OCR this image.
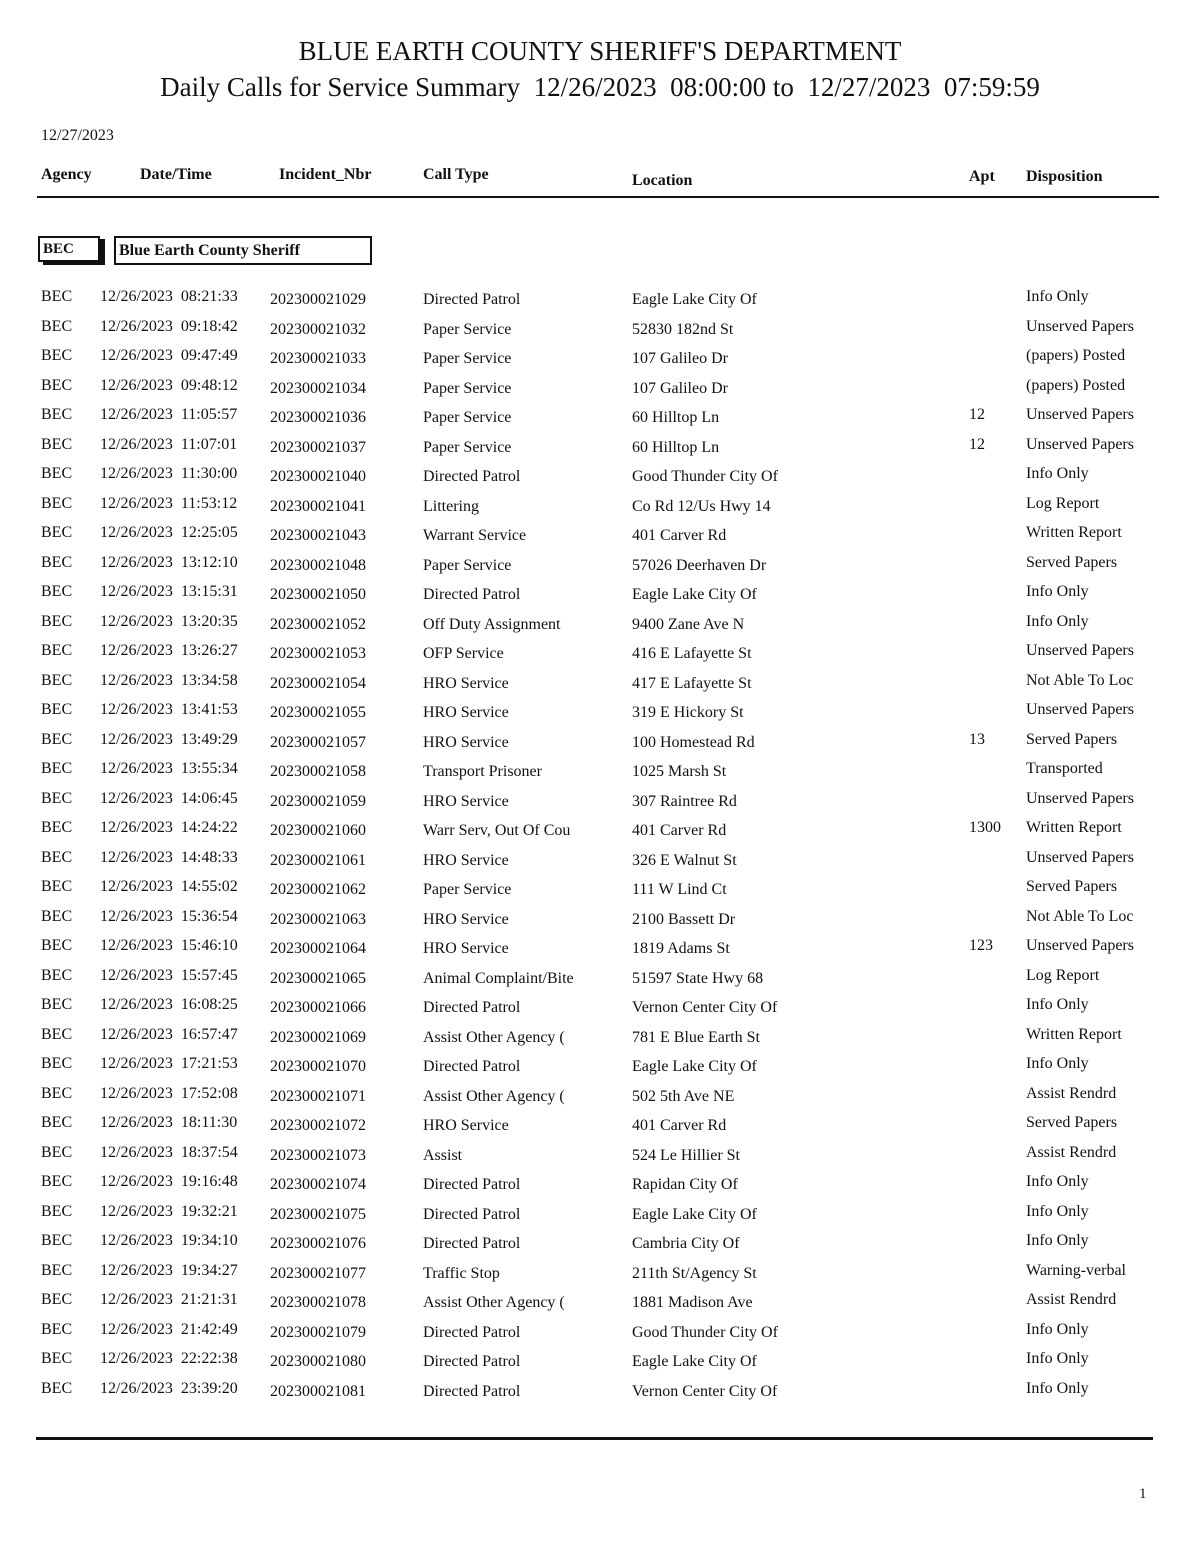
BLUE EARTH COUNTY SHERIFF'S DEPARTMENT
Daily Calls for Service Summary  12/26/2023  08:00:00 to  12/27/2023  07:59:59
12/27/2023
Agency	Date/Time	Incident_Nbr	Call Type	Location	Apt Disposition
BEC	Blue Earth County Sheriff
BEC 12/26/2023  08:21:33 202300021029	Directed Patrol	Eagle Lake City Of	Info Only
BEC 12/26/2023  09:18:42 202300021032	Paper Service	52830 182nd St	Unserved Papers
BEC 12/26/2023  09:47:49 202300021033	Paper Service	107 Galileo Dr	(papers) Posted
BEC 12/26/2023  09:48:12 202300021034	Paper Service	107 Galileo Dr	(papers) Posted
BEC 12/26/2023  11:05:57 202300021036	Paper Service	60 Hilltop Ln	12	Unserved Papers
BEC 12/26/2023  11:07:01 202300021037	Paper Service	60 Hilltop Ln	12	Unserved Papers
BEC 12/26/2023  11:30:00 202300021040	Directed Patrol	Good Thunder City Of	Info Only
BEC 12/26/2023  11:53:12 202300021041	Littering	Co Rd 12/Us Hwy 14	Log Report
BEC 12/26/2023  12:25:05 202300021043	Warrant Service	401 Carver Rd	Written Report
BEC 12/26/2023  13:12:10 202300021048	Paper Service	57026 Deerhaven Dr	Served Papers
BEC 12/26/2023  13:15:31 202300021050	Directed Patrol	Eagle Lake City Of	Info Only
BEC 12/26/2023  13:20:35 202300021052	Off Duty Assignment	9400 Zane Ave N	Info Only
BEC 12/26/2023  13:26:27 202300021053	OFP Service	416 E Lafayette St	Unserved Papers
BEC 12/26/2023  13:34:58 202300021054	HRO Service	417 E Lafayette St	Not Able To Loc
BEC 12/26/2023  13:41:53 202300021055	HRO Service	319 E Hickory St	Unserved Papers
BEC 12/26/2023  13:49:29 202300021057	HRO Service	100 Homestead Rd	13	Served Papers
BEC 12/26/2023  13:55:34 202300021058	Transport Prisoner	1025 Marsh St	Transported
BEC 12/26/2023  14:06:45 202300021059	HRO Service	307 Raintree Rd	Unserved Papers
BEC 12/26/2023  14:24:22 202300021060	Warr Serv, Out Of Cou	401 Carver Rd	1300 Written Report
BEC 12/26/2023  14:48:33 202300021061	HRO Service	326 E Walnut St	Unserved Papers
BEC 12/26/2023  14:55:02 202300021062	Paper Service	111 W Lind Ct	Served Papers
BEC 12/26/2023  15:36:54 202300021063	HRO Service	2100 Bassett Dr	Not Able To Loc
BEC 12/26/2023  15:46:10 202300021064	HRO Service	1819 Adams St	123 Unserved Papers
BEC 12/26/2023  15:57:45 202300021065	Animal Complaint/Bite	51597 State Hwy 68	Log Report
BEC 12/26/2023  16:08:25 202300021066	Directed Patrol	Vernon Center City Of	Info Only
BEC 12/26/2023  16:57:47 202300021069	Assist Other Agency (	781 E Blue Earth St	Written Report
BEC 12/26/2023  17:21:53 202300021070	Directed Patrol	Eagle Lake City Of	Info Only
BEC 12/26/2023  17:52:08 202300021071	Assist Other Agency (	502 5th Ave NE	Assist Rendrd
BEC 12/26/2023  18:11:30 202300021072	HRO Service	401 Carver Rd	Served Papers
BEC 12/26/2023  18:37:54 202300021073	Assist	524 Le Hillier St	Assist Rendrd
BEC 12/26/2023  19:16:48 202300021074	Directed Patrol	Rapidan City Of	Info Only
BEC 12/26/2023  19:32:21 202300021075	Directed Patrol	Eagle Lake City Of	Info Only
BEC 12/26/2023  19:34:10 202300021076	Directed Patrol	Cambria City Of	Info Only
BEC 12/26/2023  19:34:27 202300021077	Traffic Stop	211th St/Agency St	Warning-verbal
BEC 12/26/2023  21:21:31 202300021078	Assist Other Agency (	1881 Madison Ave	Assist Rendrd
BEC 12/26/2023  21:42:49 202300021079	Directed Patrol	Good Thunder City Of	Info Only
BEC 12/26/2023  22:22:38 202300021080	Directed Patrol	Eagle Lake City Of	Info Only
BEC 12/26/2023  23:39:20 202300021081	Directed Patrol	Vernon Center City Of	Info Only
1
